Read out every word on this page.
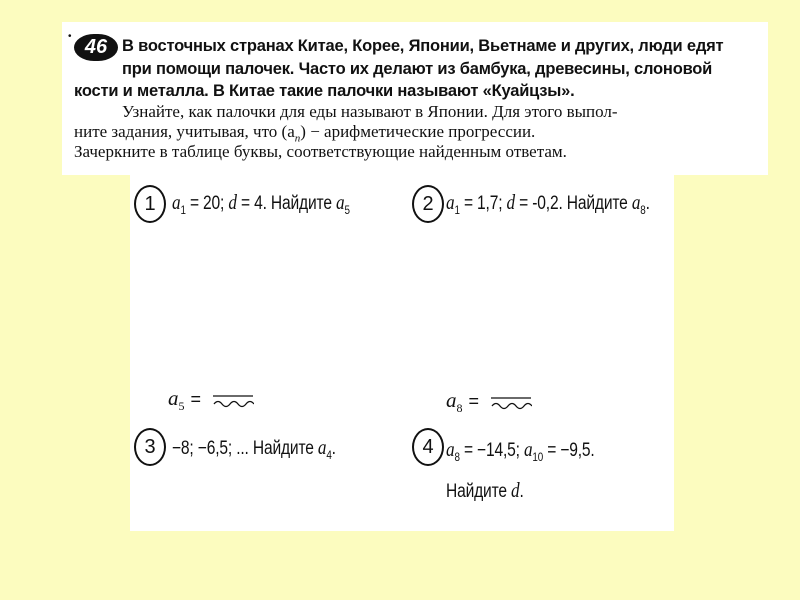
• 46 В восточных странах Китае, Корее, Японии, Вьетнаме и других, люди едят
при помощи палочек. Часто их делают из бамбука, древесины, слоновой
кости и металла. В Китае такие палочки называют «Куайцзы».
Узнайте, как палочки для еды называют в Японии. Для этого выпол-
ните задания, учитывая, что $(a_n)$ − арифметические прогрессии.
Зачеркните в таблице буквы, соответствующие найденным ответам.
1 $a_1 = 20$; d = 4. Найдите $a_5$	2 $a_1 = 1,7$; d = -0,2. Найдите $a_8$.
$a_5$ =	$a_8$ =
3 −8; −6,5; ... Найдите $a_4$.	4 $a_8 = -14,5$; $a_{10} = -9,5$.
Найдите d.
